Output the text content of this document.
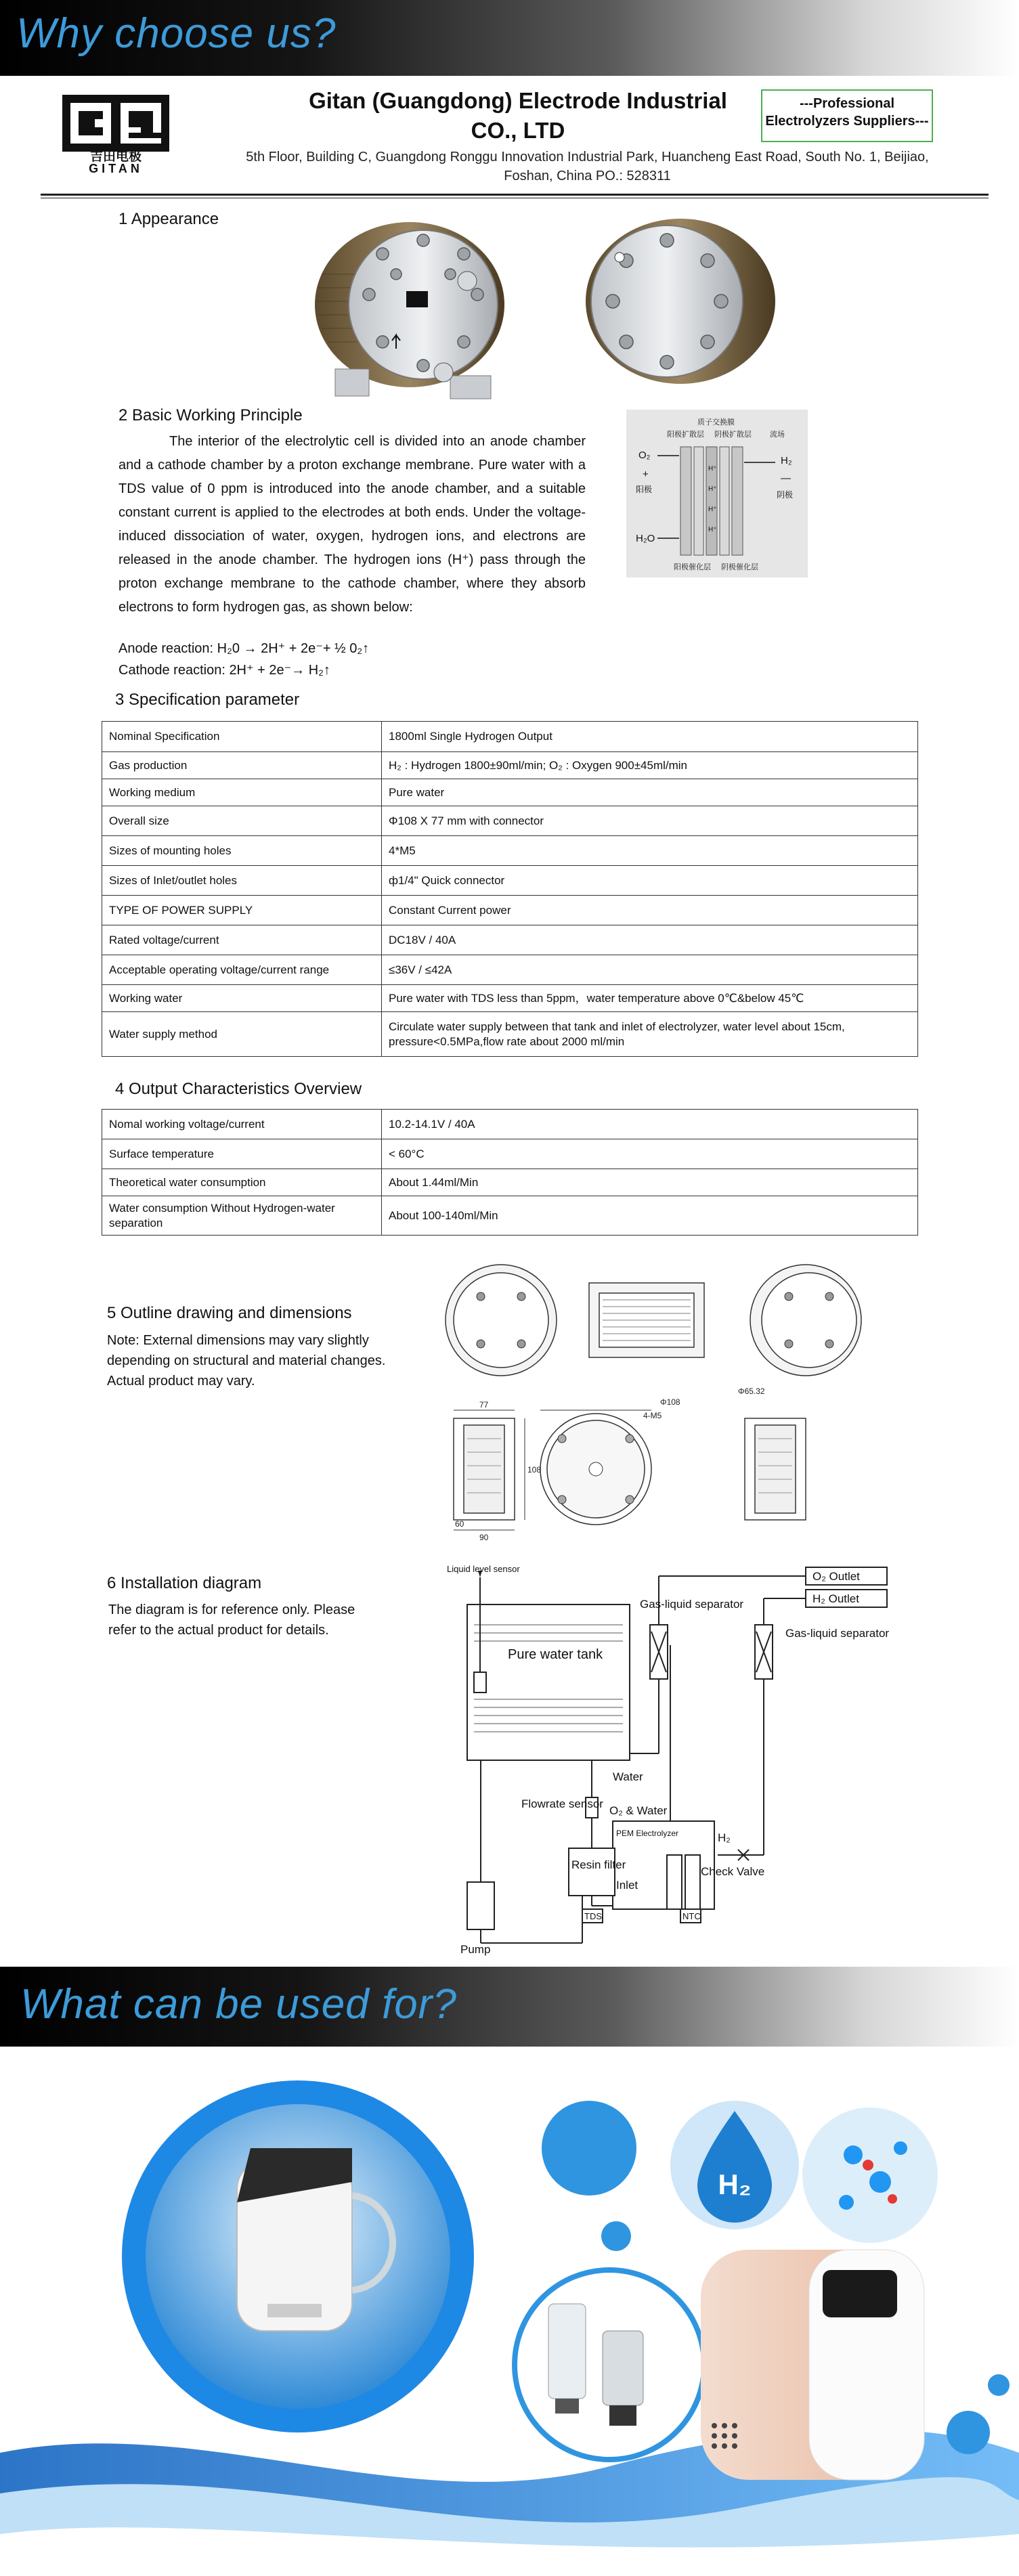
Why choose us?
吉田电极
GITAN
Gitan (Guangdong) Electrode Industrial
CO., LTD
5th Floor, Building C, Guangdong Ronggu Innovation Industrial Park, Huancheng East Road, South No. 1, Beijiao,
Foshan, China PO.: 528311
---Professional
Electrolyzers Suppliers---
1 Appearance
2 Basic Working Principle
The interior of the electrolytic cell is divided into an anode chamber and a cathode chamber by a proton exchange membrane. Pure water with a TDS value of 0 ppm is introduced into the anode chamber, and a suitable constant current is applied to the electrodes at both ends. Under the voltage-induced dissociation of water, oxygen, hydrogen ions, and electrons are released in the anode chamber. The hydrogen ions (H⁺) pass through the proton exchange membrane to the cathode chamber, where they absorb electrons to form hydrogen gas, as shown below:
Anode reaction: H₂0 → 2H⁺ + 2e⁻+ ½ 0₂↑
Cathode reaction: 2H⁺ + 2e⁻→ H₂↑
质子交换膜
阳极扩散层 阴极扩散层 流场
阳极催化层 阴极催化层
O₂
+
阳极
H₂O
H₂
—
阴极
H⁺
H⁺
H⁺
H⁺
3 Specification parameter
Nominal Specification	1800ml Single Hydrogen Output
Gas production	H₂ : Hydrogen 1800±90ml/min; O₂ : Oxygen 900±45ml/min
Working medium	Pure water
Overall size	Φ108 X 77 mm with connector
Sizes of mounting holes	4*M5
Sizes of Inlet/outlet holes	ф1/4" Quick connector
TYPE OF POWER SUPPLY	Constant Current power
Rated voltage/current	DC18V / 40A
Acceptable operating voltage/current range	≤36V / ≤42A
Working water	Pure water with TDS less than 5ppm，water temperature above 0℃&below 45℃
Water supply method	Circulate water supply between that tank and inlet of electrolyzer, water level about 15cm, pressure<0.5MPa,flow rate about 2000 ml/min
4 Output Characteristics Overview
Nomal working voltage/current	10.2-14.1V / 40A
Surface temperature	< 60°C
Theoretical water consumption	About 1.44ml/Min
Water consumption Without Hydrogen-water separation	About 100-140ml/Min
5 Outline drawing and dimensions
Note: External dimensions may vary slightly depending on structural and material changes. Actual product may vary.
77
108
4-M5
Φ108
90
60
Φ65.32
6 Installation diagram
The diagram is for reference only. Please refer to the actual product for details.
Liquid level sensor
Gas-liquid separator
Gas-liquid separator
O₂ Outlet
H₂ Outlet
Pure water tank
Water
Flowrate sensor
O₂ & Water
PEM Electrolyzer	H₂
Resin filter
Inlet
Check Valve
Pump
TDS	NTC
What can be used for?
H₂
